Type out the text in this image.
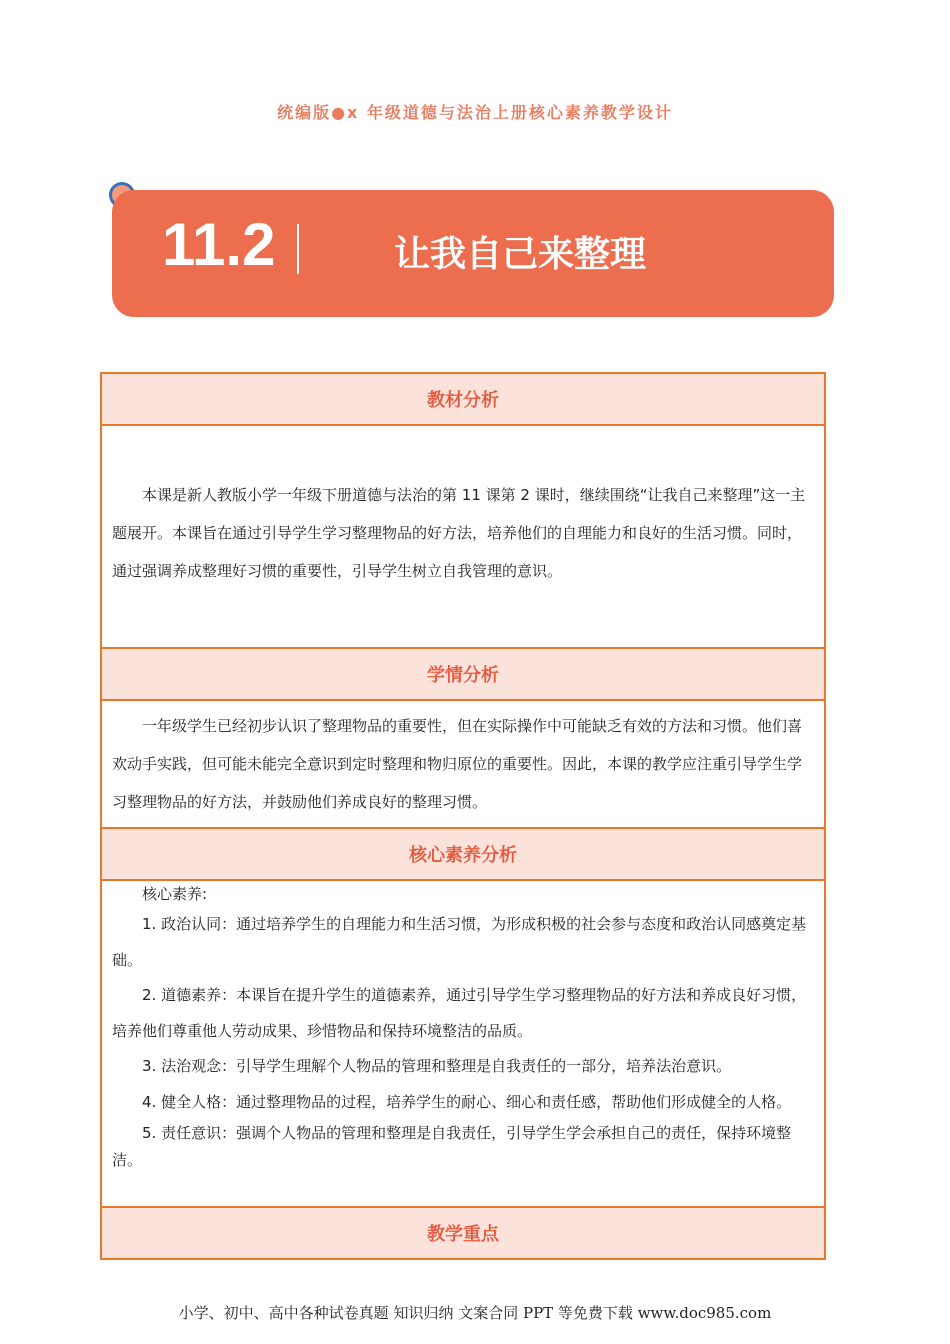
统编版●x 年级道德与法治上册核心素养教学设计
11.2	让我自己来整理
教材分析

本课是新人教版小学一年级下册道德与法治的第 11 课第 2 课时，继续围绕“让我自己来整理”这一主题展开。本课旨在通过引导学生学习整理物品的好方法，培养他们的自理能力和良好的生活习惯。同时，通过强调养成整理好习惯的重要性，引导学生树立自我管理的意识。

学情分析

一年级学生已经初步认识了整理物品的重要性，但在实际操作中可能缺乏有效的方法和习惯。他们喜欢动手实践，但可能未能完全意识到定时整理和物归原位的重要性。因此，本课的教学应注重引导学生学习整理物品的好方法，并鼓励他们养成良好的整理习惯。

核心素养分析
核心素养:
1. 政治认同：通过培养学生的自理能力和生活习惯，为形成积极的社会参与态度和政治认同感奠定基础。
2. 道德素养：本课旨在提升学生的道德素养，通过引导学生学习整理物品的好方法和养成良好习惯，培养他们尊重他人劳动成果、珍惜物品和保持环境整洁的品质。
3. 法治观念：引导学生理解个人物品的管理和整理是自我责任的一部分，培养法治意识。
4. 健全人格：通过整理物品的过程，培养学生的耐心、细心和责任感，帮助他们形成健全的人格。
5. 责任意识：强调个人物品的管理和整理是自我责任，引导学生学会承担自己的责任，保持环境整洁。
教学重点
小学、初中、高中各种试卷真题 知识归纳 文案合同 PPT 等免费下载 www.doc985.com
